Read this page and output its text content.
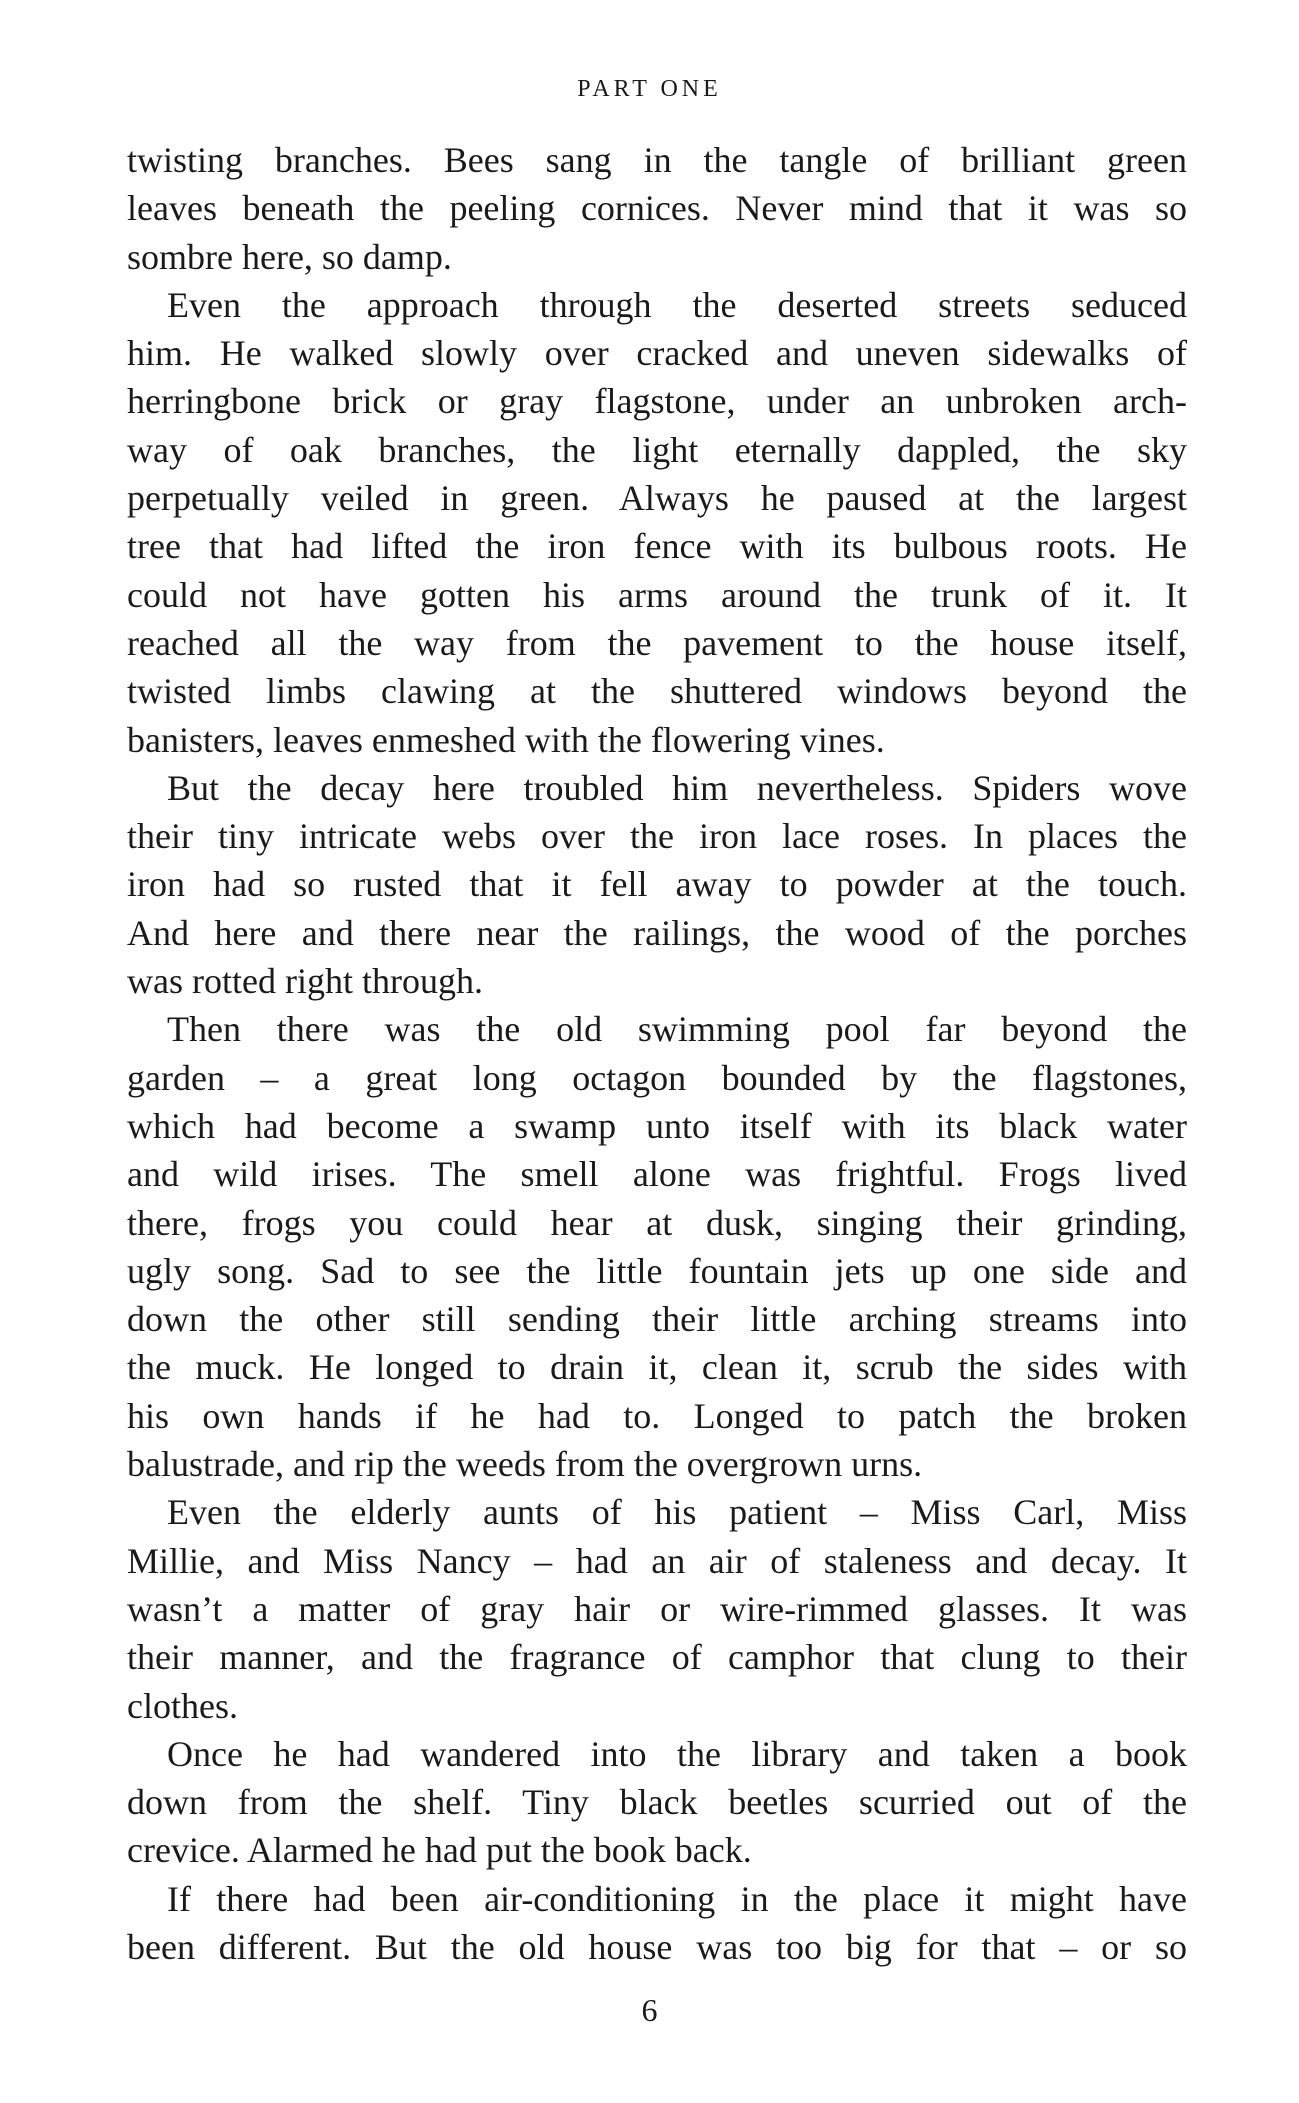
PART ONE
twisting branches. Bees sang in the tangle of brilliant green
leaves beneath the peeling cornices. Never mind that it was so
sombre here, so damp.
Even the approach through the deserted streets seduced
him. He walked slowly over cracked and uneven sidewalks of
herringbone brick or gray flagstone, under an unbroken arch-
way of oak branches, the light eternally dappled, the sky
perpetually veiled in green. Always he paused at the largest
tree that had lifted the iron fence with its bulbous roots. He
could not have gotten his arms around the trunk of it. It
reached all the way from the pavement to the house itself,
twisted limbs clawing at the shuttered windows beyond the
banisters, leaves enmeshed with the flowering vines.
But the decay here troubled him nevertheless. Spiders wove
their tiny intricate webs over the iron lace roses. In places the
iron had so rusted that it fell away to powder at the touch.
And here and there near the railings, the wood of the porches
was rotted right through.
Then there was the old swimming pool far beyond the
garden – a great long octagon bounded by the flagstones,
which had become a swamp unto itself with its black water
and wild irises. The smell alone was frightful. Frogs lived
there, frogs you could hear at dusk, singing their grinding,
ugly song. Sad to see the little fountain jets up one side and
down the other still sending their little arching streams into
the muck. He longed to drain it, clean it, scrub the sides with
his own hands if he had to. Longed to patch the broken
balustrade, and rip the weeds from the overgrown urns.
Even the elderly aunts of his patient – Miss Carl, Miss
Millie, and Miss Nancy – had an air of staleness and decay. It
wasn’t a matter of gray hair or wire-rimmed glasses. It was
their manner, and the fragrance of camphor that clung to their
clothes.
Once he had wandered into the library and taken a book
down from the shelf. Tiny black beetles scurried out of the
crevice. Alarmed he had put the book back.
If there had been air-conditioning in the place it might have
been different. But the old house was too big for that – or so
6
